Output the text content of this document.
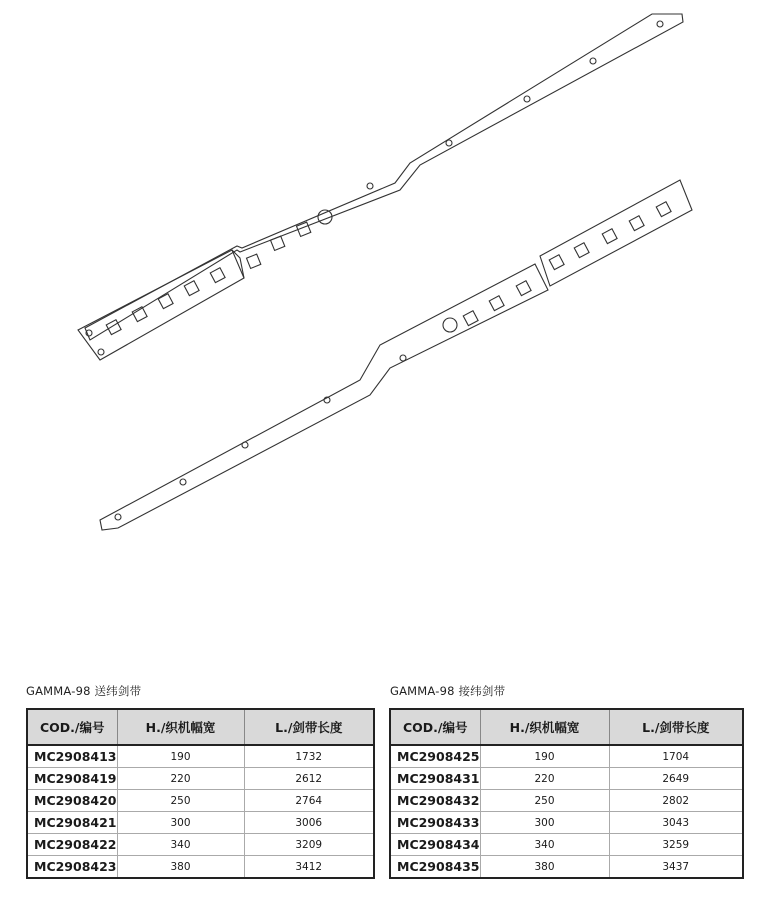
GAMMA-98 送纬剑带	GAMMA-98 接纬剑带
COD./编号	H./织机幅宽	L./剑带长度
MC2908413	190	1732
MC2908419	220	2612
MC2908420	250	2764
MC2908421	300	3006
MC2908422	340	3209
MC2908423	380	3412
COD./编号	H./织机幅宽	L./剑带长度
MC2908425	190	1704
MC2908431	220	2649
MC2908432	250	2802
MC2908433	300	3043
MC2908434	340	3259
MC2908435	380	3437
